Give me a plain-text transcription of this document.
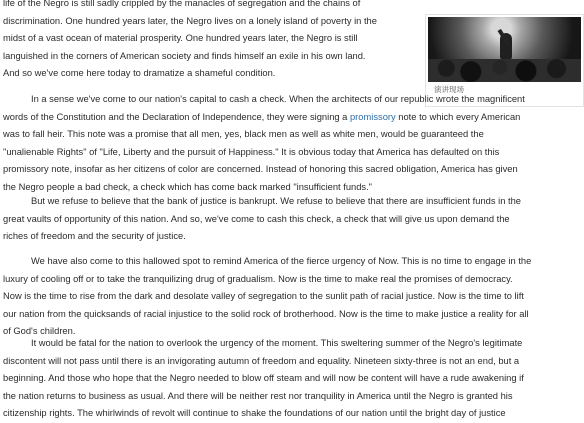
life of the Negro is still sadly crippled by the manacles of segregation and the chains of discrimination. One hundred years later, the Negro lives on a lonely island of poverty in the midst of a vast ocean of material prosperity. One hundred years later, the Negro is still languished in the corners of American society and finds himself an exile in his own land. And so we've come here today to dramatize a shameful condition.

演讲现场

In a sense we've come to our nation's capital to cash a check. When the architects of our republic wrote the magnificent words of the Constitution and the Declaration of Independence, they were signing a promissory note to which every American was to fall heir. This note was a promise that all men, yes, black men as well as white men, would be guaranteed the "unalienable Rights" of "Life, Liberty and the pursuit of Happiness." It is obvious today that America has defaulted on this promissory note, insofar as her citizens of color are concerned. Instead of honoring this sacred obligation, America has given the Negro people a bad check, a check which has come back marked "insufficient funds."

But we refuse to believe that the bank of justice is bankrupt. We refuse to believe that there are insufficient funds in the great vaults of opportunity of this nation. And so, we've come to cash this check, a check that will give us upon demand the riches of freedom and the security of justice.

We have also come to this hallowed spot to remind America of the fierce urgency of Now. This is no time to engage in the luxury of cooling off or to take the tranquilizing drug of gradualism. Now is the time to make real the promises of democracy. Now is the time to rise from the dark and desolate valley of segregation to the sunlit path of racial justice. Now is the time to lift our nation from the quicksands of racial injustice to the solid rock of brotherhood. Now is the time to make justice a reality for all of God's children.

It would be fatal for the nation to overlook the urgency of the moment. This sweltering summer of the Negro's legitimate discontent will not pass until there is an invigorating autumn of freedom and equality. Nineteen sixty-three is not an end, but a beginning. And those who hope that the Negro needed to blow off steam and will now be content will have a rude awakening if the nation returns to business as usual. And there will be neither rest nor tranquility in America until the Negro is granted his citizenship rights. The whirlwinds of revolt will continue to shake the foundations of our nation until the bright day of justice
